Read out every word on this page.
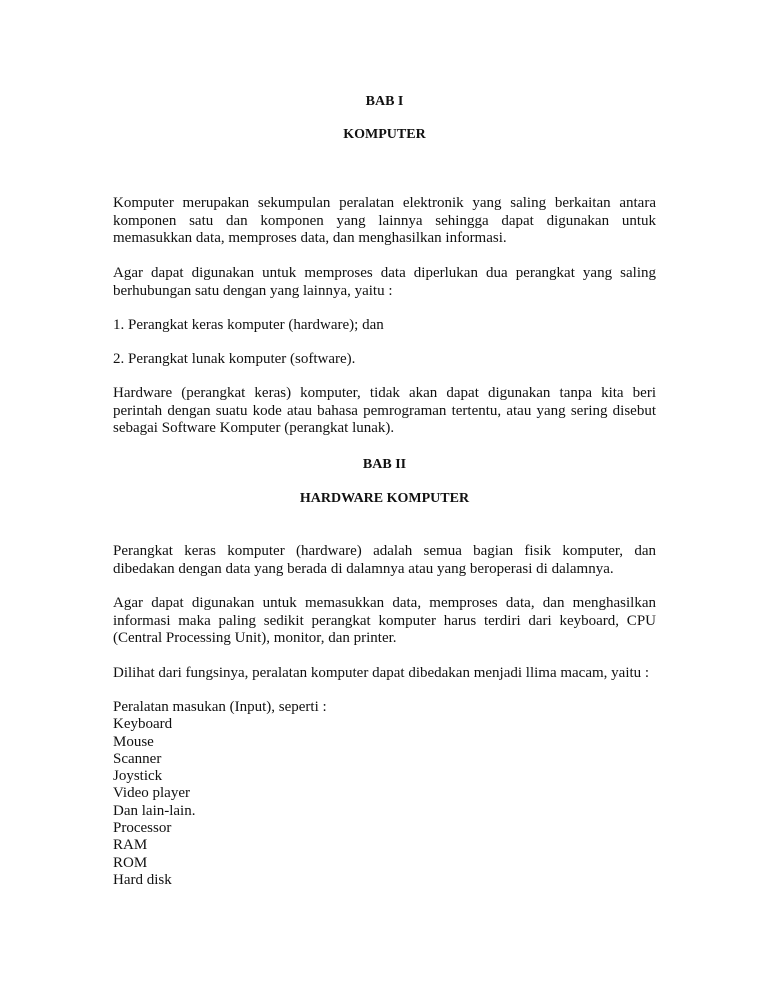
BAB I
KOMPUTER
Komputer merupakan sekumpulan peralatan elektronik yang saling berkaitan antara
komponen satu dan komponen yang lainnya sehingga dapat digunakan untuk
memasukkan data, memproses data, dan menghasilkan informasi.
Agar dapat digunakan untuk memproses data diperlukan dua perangkat yang saling
berhubungan satu dengan yang lainnya, yaitu :
1. Perangkat keras komputer (hardware); dan
2. Perangkat lunak komputer (software).
Hardware (perangkat keras) komputer, tidak akan dapat digunakan tanpa kita beri
perintah dengan suatu kode atau bahasa pemrograman tertentu, atau yang sering disebut
sebagai Software Komputer (perangkat lunak).
BAB II
HARDWARE KOMPUTER
Perangkat keras komputer (hardware) adalah semua bagian fisik komputer, dan
dibedakan dengan data yang berada di dalamnya atau yang beroperasi di dalamnya.
Agar dapat digunakan untuk memasukkan data, memproses data, dan menghasilkan
informasi maka paling sedikit perangkat komputer harus terdiri dari keyboard, CPU
(Central Processing Unit), monitor, dan printer.
Dilihat dari fungsinya, peralatan komputer dapat dibedakan menjadi llima macam, yaitu :
Peralatan masukan (Input), seperti :
Keyboard
Mouse
Scanner
Joystick
Video player
Dan lain-lain.
Processor
RAM
ROM
Hard disk
